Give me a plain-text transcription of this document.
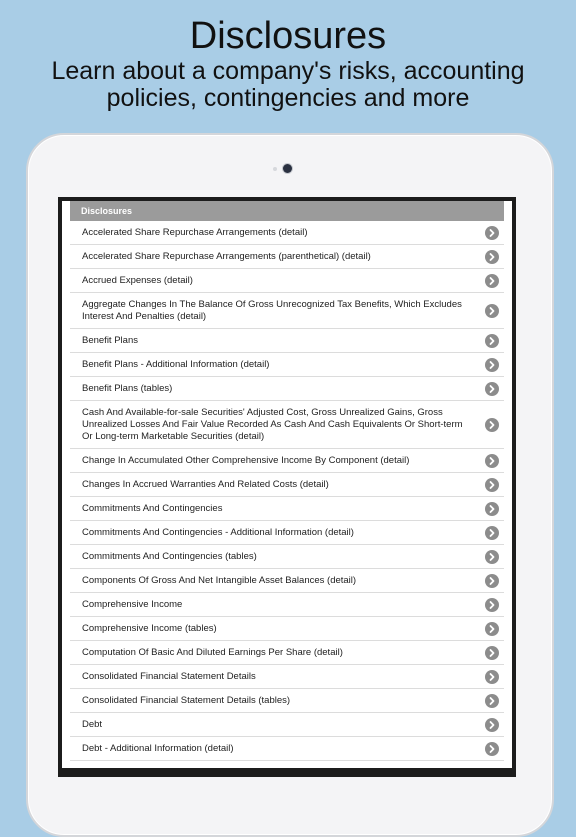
Disclosures
Learn about a company's risks, accounting
policies, contingencies and more
Disclosures
Accelerated Share Repurchase Arrangements (detail)
Accelerated Share Repurchase Arrangements (parenthetical) (detail)
Accrued Expenses (detail)
Aggregate Changes In The Balance Of Gross Unrecognized Tax Benefits, Which Excludes Interest And Penalties (detail)
Benefit Plans
Benefit Plans - Additional Information (detail)
Benefit Plans (tables)
Cash And Available-for-sale Securities' Adjusted Cost, Gross Unrealized Gains, Gross Unrealized Losses And Fair Value Recorded As Cash And Cash Equivalents Or Short-term Or Long-term Marketable Securities (detail)
Change In Accumulated Other Comprehensive Income By Component (detail)
Changes In Accrued Warranties And Related Costs (detail)
Commitments And Contingencies
Commitments And Contingencies - Additional Information (detail)
Commitments And Contingencies (tables)
Components Of Gross And Net Intangible Asset Balances (detail)
Comprehensive Income
Comprehensive Income (tables)
Computation Of Basic And Diluted Earnings Per Share (detail)
Consolidated Financial Statement Details
Consolidated Financial Statement Details (tables)
Debt
Debt - Additional Information (detail)
